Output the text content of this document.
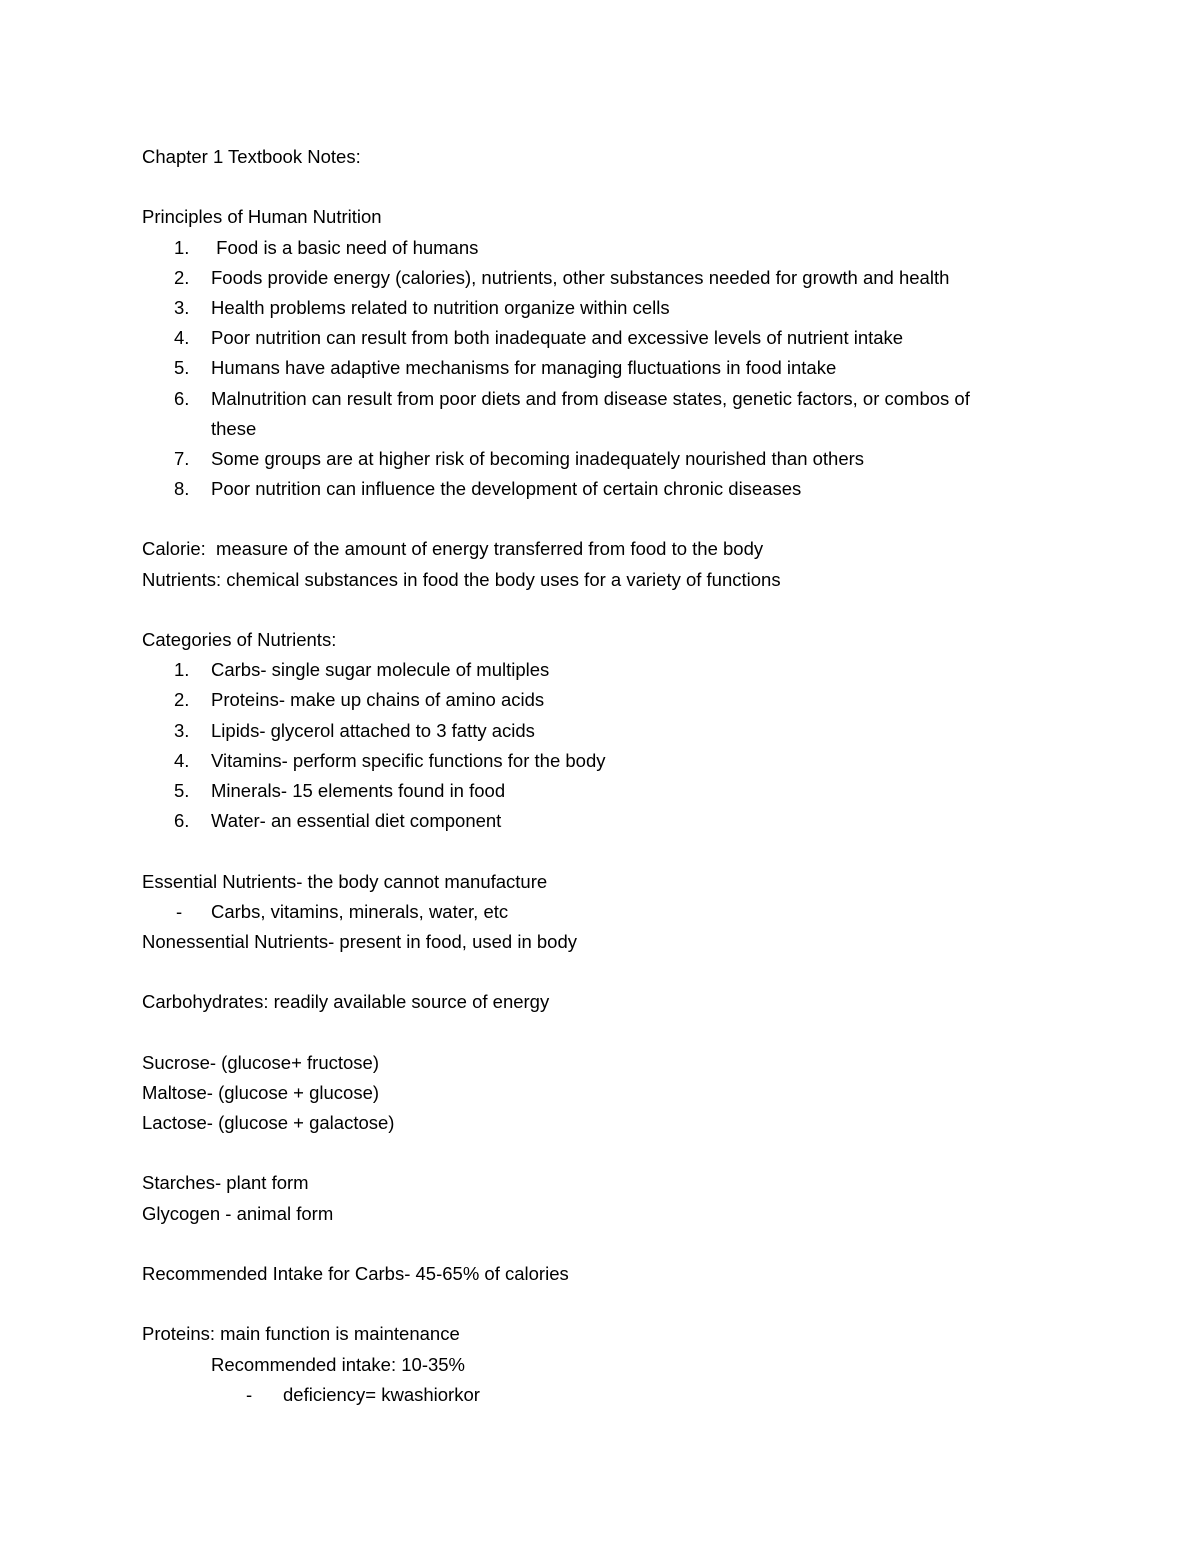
Chapter 1 Textbook Notes:
Principles of Human Nutrition
1.	Food is a basic need of humans
2.	Foods provide energy (calories), nutrients, other substances needed for growth and health
3.	Health problems related to nutrition organize within cells
4.	Poor nutrition can result from both inadequate and excessive levels of nutrient intake
5.	Humans have adaptive mechanisms for managing fluctuations in food intake
6.	Malnutrition can result from poor diets and from disease states, genetic factors, or combos of
these
7.	Some groups are at higher risk of becoming inadequately nourished than others
8.	Poor nutrition can influence the development of certain chronic diseases
Calorie:  measure of the amount of energy transferred from food to the body
Nutrients: chemical substances in food the body uses for a variety of functions
Categories of Nutrients:
1.	Carbs- single sugar molecule of multiples
2.	Proteins- make up chains of amino acids
3.	Lipids- glycerol attached to 3 fatty acids
4.	Vitamins- perform specific functions for the body
5.	Minerals- 15 elements found in food
6.	Water- an essential diet component
Essential Nutrients- the body cannot manufacture
- Carbs, vitamins, minerals, water, etc
Nonessential Nutrients- present in food, used in body
Carbohydrates: readily available source of energy
Sucrose- (glucose+ fructose)
Maltose- (glucose + glucose)
Lactose- (glucose + galactose)
Starches- plant form
Glycogen - animal form
Recommended Intake for Carbs- 45-65% of calories
Proteins: main function is maintenance
Recommended intake: 10-35%
- deficiency= kwashiorkor
